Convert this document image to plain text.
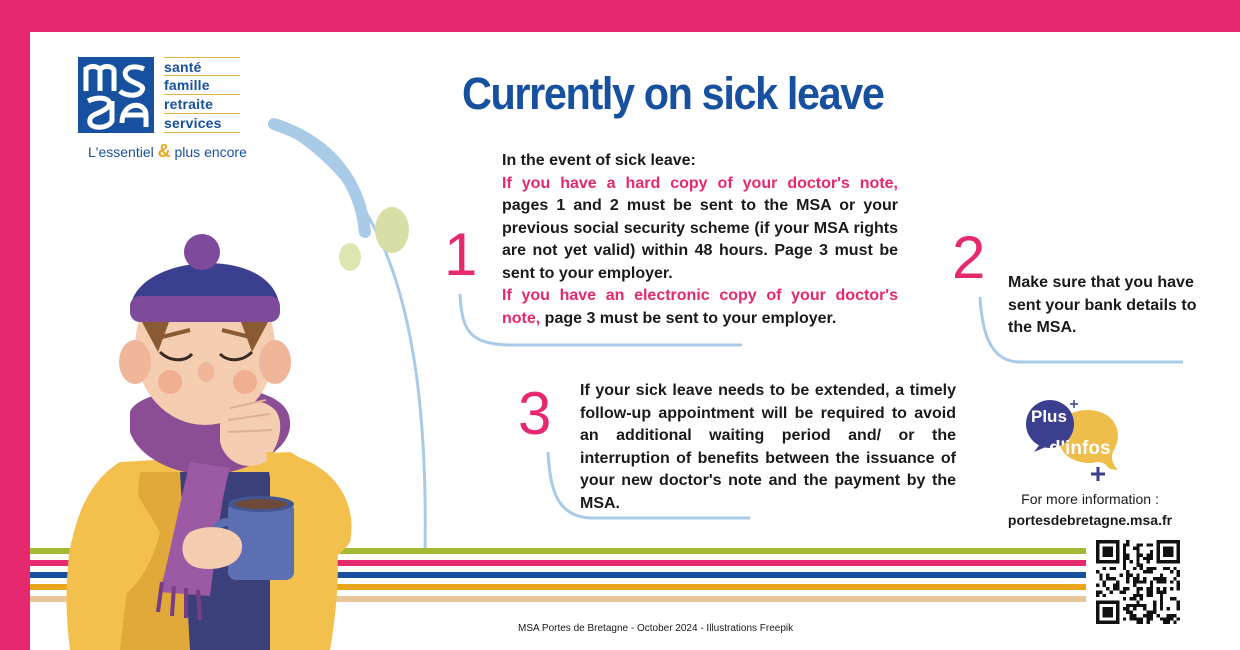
santé
famille
retraite
services
L'essentiel & plus encore
Currently on sick leave
1
In the event of sick leave:
If you have a hard copy of your doctor's note, pages 1 and 2 must be sent to the MSA or your previous social security scheme (if your MSA rights are not yet valid) within 48 hours. Page 3 must be sent to your employer.
If you have an electronic copy of your doctor's note, page 3 must be sent to your employer.
2 Make sure that you have sent your bank details to the MSA.
3 If your sick leave needs to be extended, a timely follow-up appointment will be required to avoid an additional waiting period and/ or the interruption of benefits between the issuance of your new doctor's note and the payment by the MSA.
Plus
d'infos
For more information :
portesdebretagne.msa.fr
MSA Portes de Bretagne - October 2024 - Illustrations Freepik
